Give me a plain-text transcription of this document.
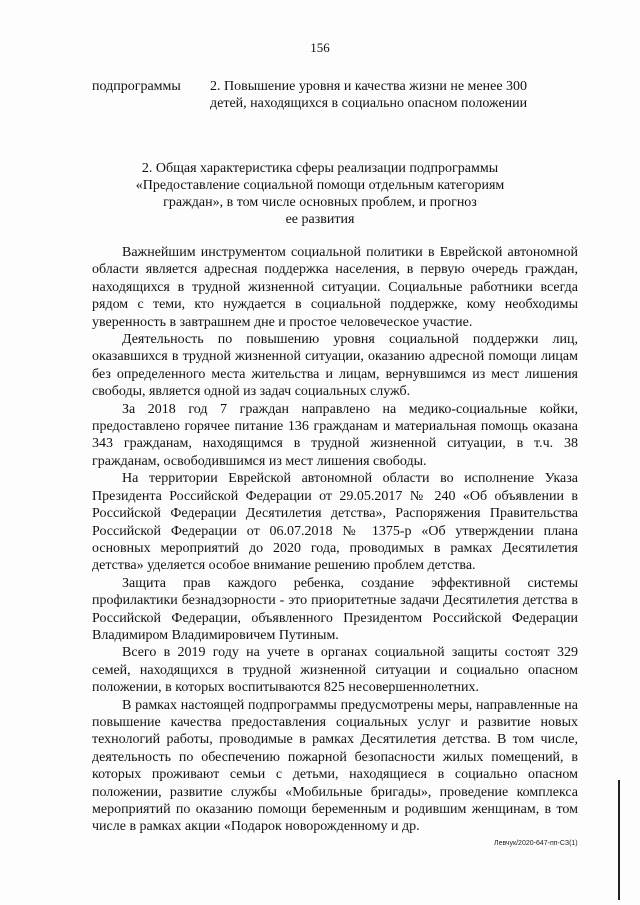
156
подпрограммы 2. Повышение уровня и качества жизни не менее 300 детей, находящихся в социально опасном положении
2. Общая характеристика сферы реализации подпрограммы
«Предоставление социальной помощи отдельным категориям
граждан», в том числе основных проблем, и прогноз
ее развития

Важнейшим инструментом социальной политики в Еврейской автономной области является адресная поддержка населения, в первую очередь граждан, находящихся в трудной жизненной ситуации. Социальные работники всегда рядом с теми, кто нуждается в социальной поддержке, кому необходимы уверенность в завтрашнем дне и простое человеческое участие.

Деятельность по повышению уровня социальной поддержки лиц, оказавшихся в трудной жизненной ситуации, оказанию адресной помощи лицам без определенного места жительства и лицам, вернувшимся из мест лишения свободы, является одной из задач социальных служб.

За 2018 год 7 граждан направлено на медико-социальные койки, предоставлено горячее питание 136 гражданам и материальная помощь оказана 343 гражданам, находящимся в трудной жизненной ситуации, в т.ч. 38 гражданам, освободившимся из мест лишения свободы.

На территории Еврейской автономной области во исполнение Указа Президента Российской Федерации от 29.05.2017 № 240 «Об объявлении в Российской Федерации Десятилетия детства», Распоряжения Правительства Российской Федерации от 06.07.2018 № 1375-р «Об утверждении плана основных мероприятий до 2020 года, проводимых в рамках Десятилетия детства» уделяется особое внимание решению проблем детства.

Защита прав каждого ребенка, создание эффективной системы профилактики безнадзорности - это приоритетные задачи Десятилетия детства в Российской Федерации, объявленного Президентом Российской Федерации Владимиром Владимировичем Путиным.

Всего в 2019 году на учете в органах социальной защиты состоят 329 семей, находящихся в трудной жизненной ситуации и социально опасном положении, в которых воспитываются 825 несовершеннолетних.

В рамках настоящей подпрограммы предусмотрены меры, направленные на повышение качества предоставления социальных услуг и развитие новых технологий работы, проводимые в рамках Десятилетия детства. В том числе, деятельность по обеспечению пожарной безопасности жилых помещений, в которых проживают семьи с детьми, находящиеся в социально опасном положении, развитие службы «Мобильные бригады», проведение комплекса мероприятий по оказанию помощи беременным и родившим женщинам, в том числе в рамках акции «Подарок новорожденному и др.

Левчук/2020-647-пп-СЗ(1)
